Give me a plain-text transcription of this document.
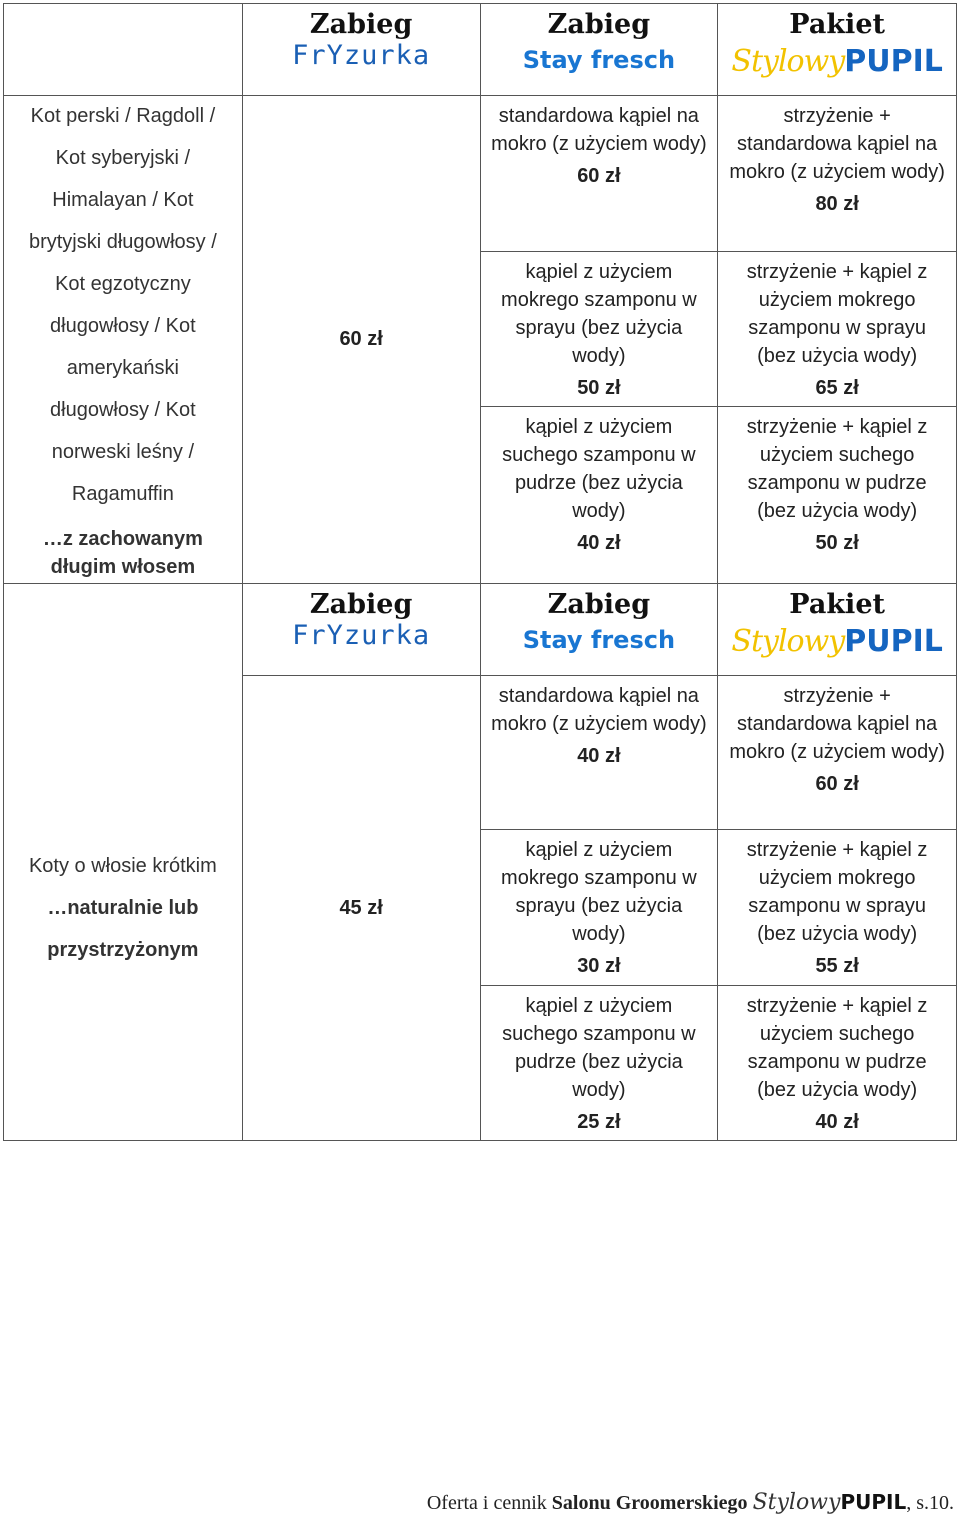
Zabieg
FrYzurka
Zabieg
Stay fresch
Pakiet
StylowyPUPIL
Kot perski / Ragdoll /
Kot syberyjski /
Himalayan / Kot
brytyjski długowłosy /
Kot egzotyczny
długowłosy / Kot
amerykański
długowłosy / Kot
norweski leśny /
Ragamuffin
…z zachowanym długim włosem
60 zł
standardowa kąpiel na mokro (z użyciem wody)
60 zł
kąpiel z użyciem mokrego szamponu w sprayu (bez użycia wody)
50 zł
kąpiel z użyciem suchego szamponu w pudrze (bez użycia wody)
40 zł
strzyżenie + standardowa kąpiel na mokro (z użyciem wody)
80 zł
strzyżenie + kąpiel z użyciem mokrego szamponu w sprayu (bez użycia wody)
65 zł
strzyżenie + kąpiel z użyciem suchego szamponu w pudrze (bez użycia wody)
50 zł
Zabieg
FrYzurka
Zabieg
Stay fresch
Pakiet
StylowyPUPIL
Koty o włosie krótkim
…naturalnie lub
przystrzyżonym
45 zł
standardowa kąpiel na mokro (z użyciem wody)
40 zł
kąpiel z użyciem mokrego szamponu w sprayu (bez użycia wody)
30 zł
kąpiel z użyciem suchego szamponu w pudrze (bez użycia wody)
25 zł
strzyżenie + standardowa kąpiel na mokro (z użyciem wody)
60 zł
strzyżenie + kąpiel z użyciem mokrego szamponu w sprayu (bez użycia wody)
55 zł
strzyżenie + kąpiel z użyciem suchego szamponu w pudrze (bez użycia wody)
40 zł
Oferta i cennik Salonu Groomerskiego StylowyPUPIL, s.10.
